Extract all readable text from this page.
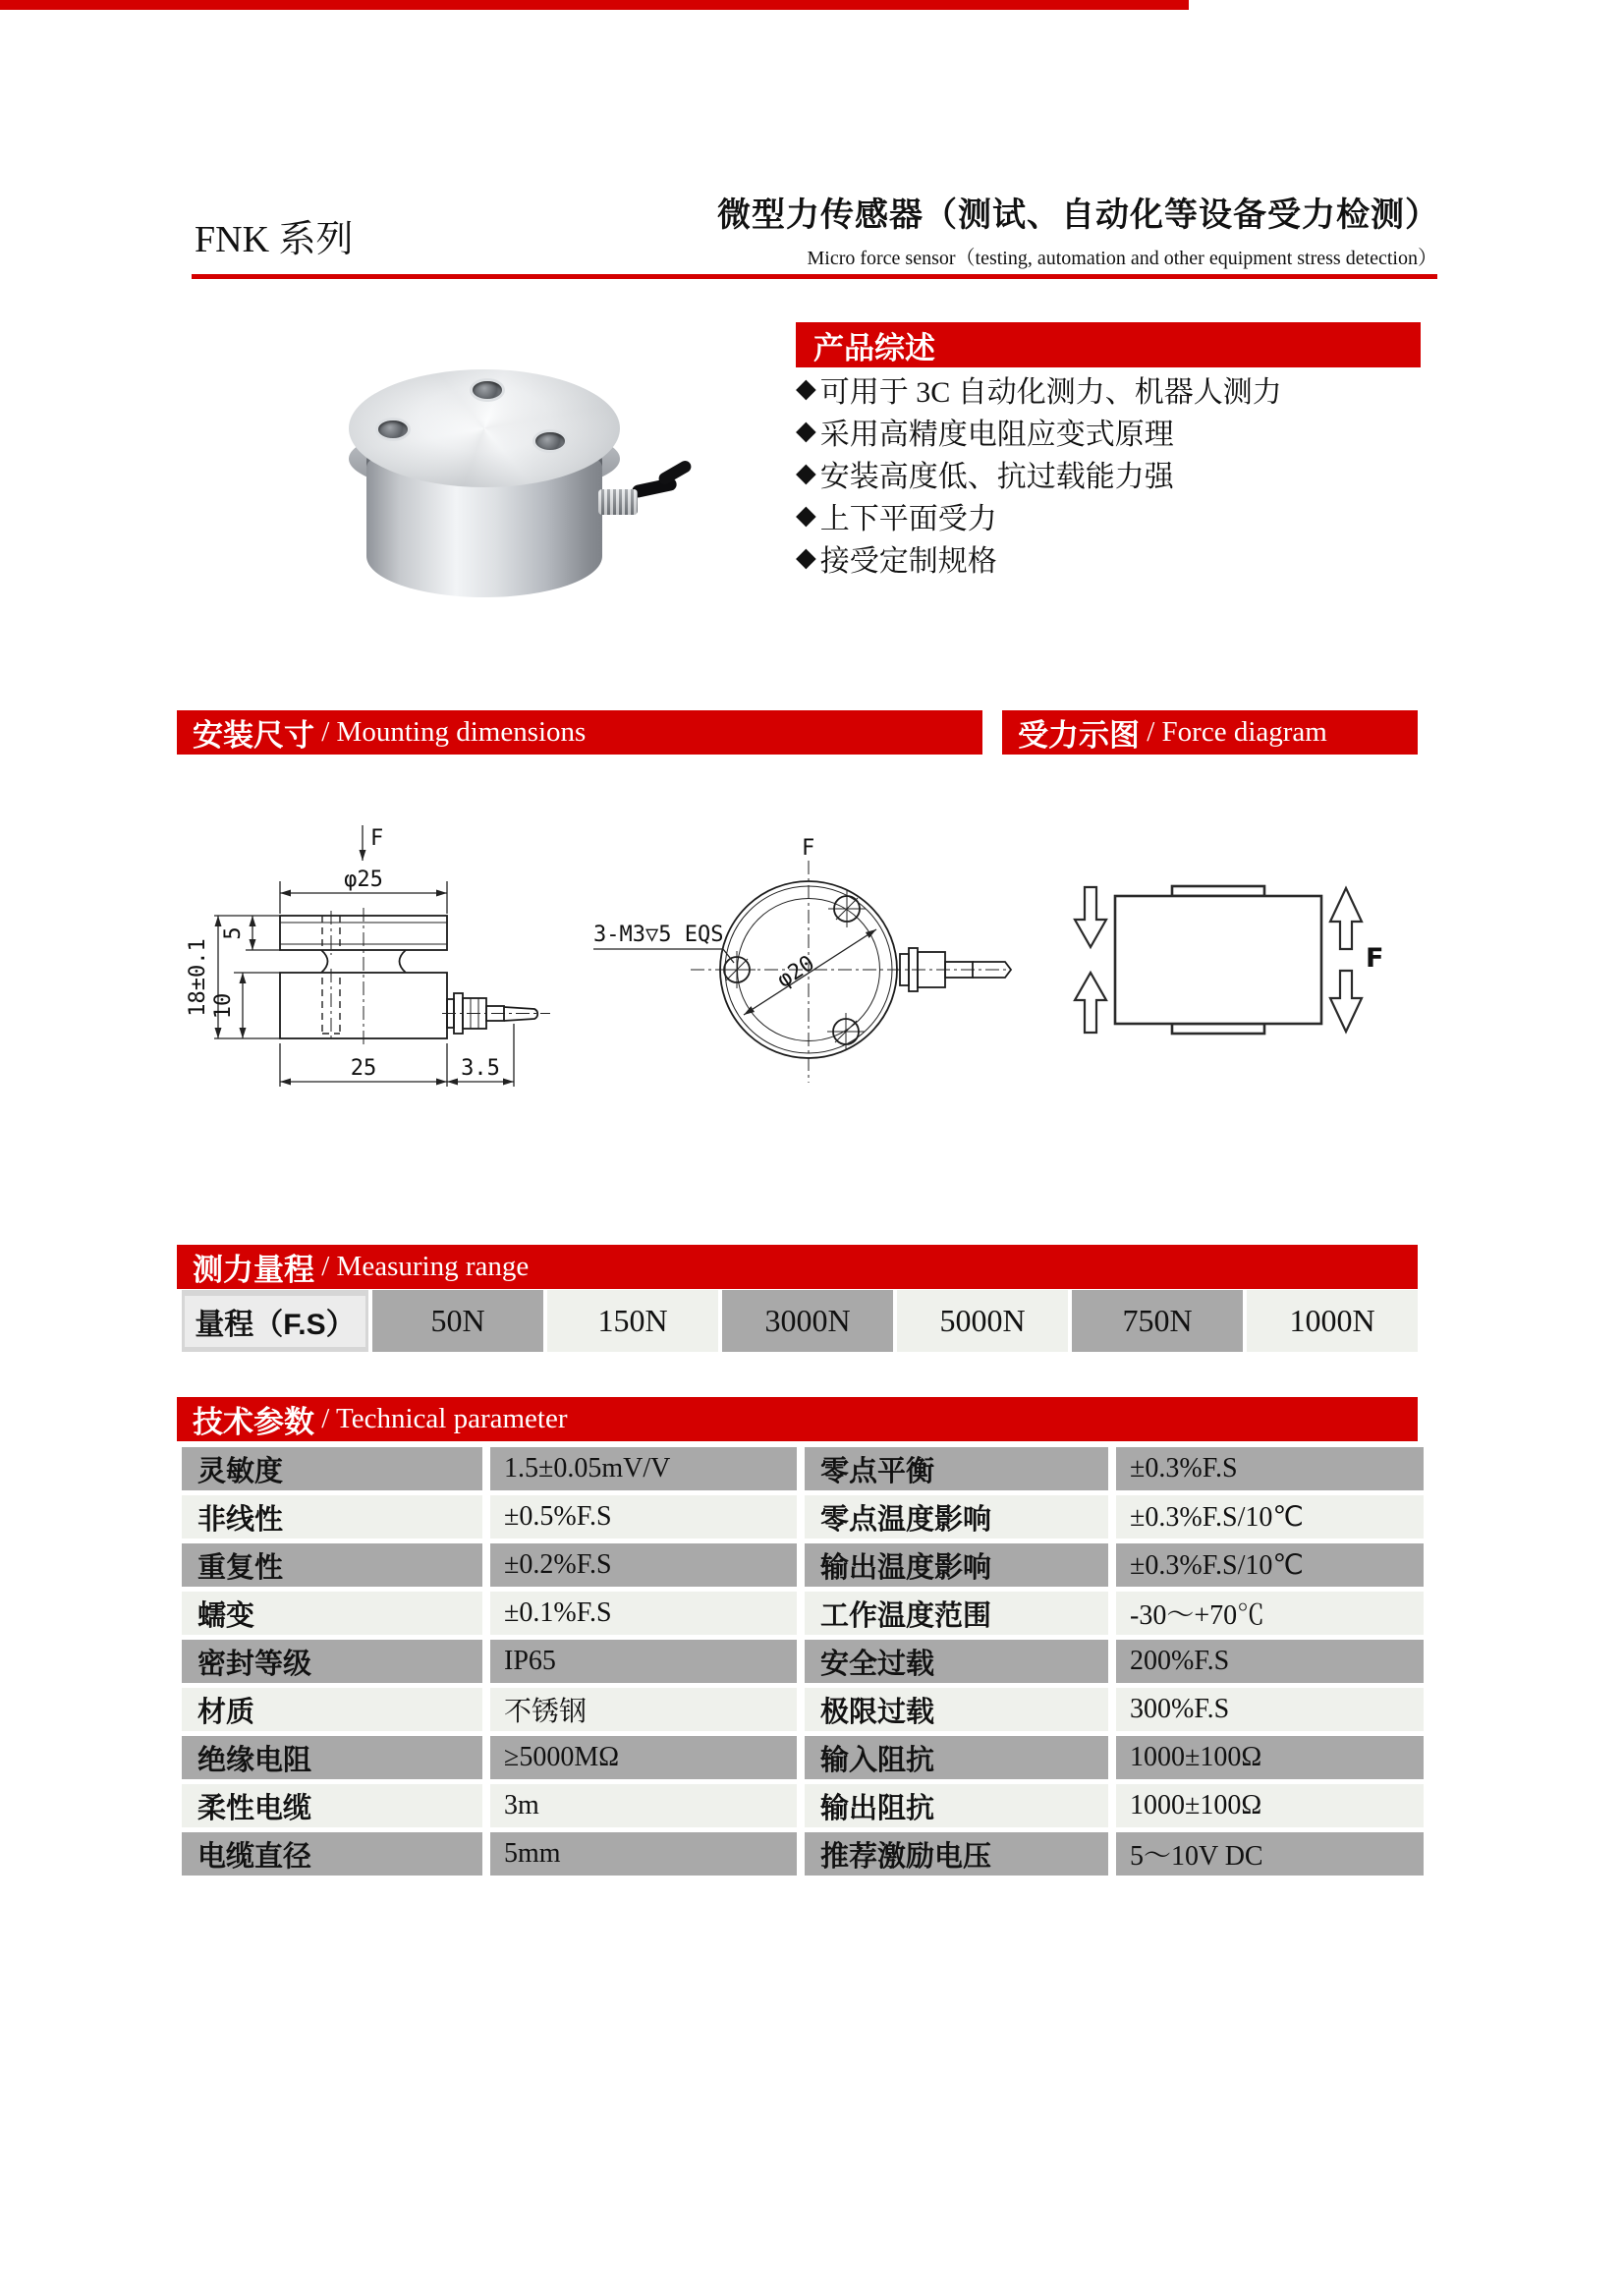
FNK 系列
微型力传感器（测试、自动化等设备受力检测）
Micro force sensor（testing, automation and other equipment stress detection）
产品综述
◆ 可用于 3C 自动化测力、机器人测力
◆ 采用高精度电阻应变式原理
◆ 安装高度低、抗过载能力强
◆ 上下平面受力
◆ 接受定制规格
安装尺寸 / Mounting dimensions	受力示图 / Force diagram
F
φ25
18±0.1
5
10
25	3.5
F
3-M3▽5 EQS
φ20	F
测力量程 / Measuring range
量程（F.S）	50N	150N	3000N	5000N	750N	1000N
技术参数 / Technical parameter
灵敏度	1.5±0.05mV/V	零点平衡	±0.3%F.S
非线性	±0.5%F.S	零点温度影响	±0.3%F.S/10℃
重复性	±0.2%F.S	输出温度影响	±0.3%F.S/10℃
蠕变	±0.1%F.S	工作温度范围	-30～+70℃
密封等级	IP65	安全过载	200%F.S
材质	不锈钢	极限过载	300%F.S
绝缘电阻	≥5000MΩ	输入阻抗	1000±100Ω
柔性电缆	3m	输出阻抗	1000±100Ω
电缆直径	5mm	推荐激励电压	5～10V DC
